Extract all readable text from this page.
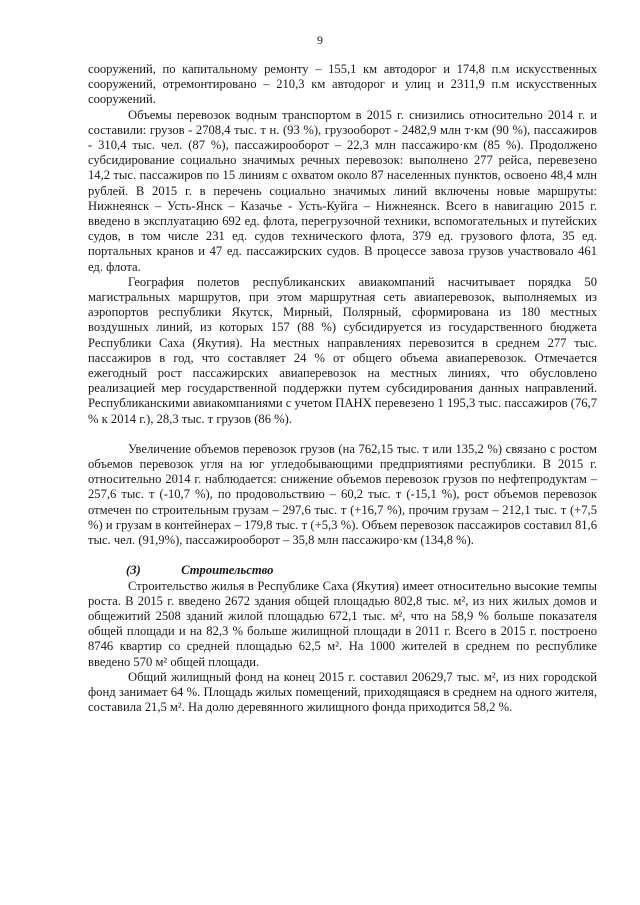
9

сооружений, по капитальному ремонту – 155,1 км автодорог и 174,8 п.м искусственных сооружений, отремонтировано – 210,3 км автодорог и улиц и 2311,9 п.м искусственных сооружений.

Объемы перевозок водным транспортом в 2015 г. снизились относительно 2014 г. и составили: грузов - 2708,4 тыс. т н. (93 %), грузооборот - 2482,9 млн т·км (90 %), пассажиров - 310,4 тыс. чел. (87 %), пассажирооборот – 22,3 млн пассажиро·км (85 %). Продолжено субсидирование социально значимых речных перевозок: выполнено 277 рейса, перевезено 14,2 тыс. пассажиров по 15 линиям с охватом около 87 населенных пунктов, освоено 48,4 млн рублей. В 2015 г. в перечень социально значимых линий включены новые маршруты: Нижнеянск – Усть-Янск – Казачье - Усть-Куйга – Нижнеянск. Всего в навигацию 2015 г. введено в эксплуатацию 692 ед. флота, перегрузочной техники, вспомогательных и путейских судов, в том числе 231 ед. судов технического флота, 379 ед. грузового флота, 35 ед. портальных кранов и 47 ед. пассажирских судов. В процессе завоза грузов участвовало 461 ед. флота.

География полетов республиканских авиакомпаний насчитывает порядка 50 магистральных маршрутов, при этом маршрутная сеть авиаперевозок, выполняемых из аэропортов республики Якутск, Мирный, Полярный, сформирована из 180 местных воздушных линий, из которых 157 (88 %) субсидируется из государственного бюджета Республики Саха (Якутия). На местных направлениях перевозится в среднем 277 тыс. пассажиров в год, что составляет 24 % от общего объема авиаперевозок. Отмечается ежегодный рост пассажирских авиаперевозок на местных линиях, что обусловлено реализацией мер государственной поддержки путем субсидирования данных направлений. Республиканскими авиакомпаниями с учетом ПАНХ перевезено 1 195,3 тыс. пассажиров (76,7 % к 2014 г.), 28,3 тыс. т грузов (86 %).

Увеличение объемов перевозок грузов (на 762,15 тыс. т или 135,2 %) связано с ростом объемов перевозок угля на юг угледобывающими предприятиями республики. В 2015 г. относительно 2014 г. наблюдается: снижение объемов перевозок грузов по нефтепродуктам – 257,6 тыс. т (-10,7 %), по продовольствию – 60,2 тыс. т (-15,1 %), рост объемов перевозок отмечен по строительным грузам – 297,6 тыс. т (+16,7 %), прочим грузам – 212,1 тыс. т (+7,5 %) и грузам в контейнерах – 179,8 тыс. т (+5,3 %). Объем перевозок пассажиров составил 81,6 тыс. чел. (91,9%), пассажирооборот – 35,8 млн пассажиро·км (134,8 %).

(3)	Строительство

Строительство жилья в Республике Саха (Якутия) имеет относительно высокие темпы роста. В 2015 г. введено 2672 здания общей площадью 802,8 тыс. м², из них жилых домов и общежитий 2508 зданий жилой площадью 672,1 тыс. м², что на 58,9 % больше показателя общей площади и на 82,3 % больше жилищной площади в 2011 г. Всего в 2015 г. построено 8746 квартир со средней площадью 62,5 м². На 1000 жителей в среднем по республике введено 570 м² общей площади.

Общий жилищный фонд на конец 2015 г. составил 20629,7 тыс. м², из них городской фонд занимает 64 %. Площадь жилых помещений, приходящаяся в среднем на одного жителя, составила 21,5 м². На долю деревянного жилищного фонда приходится 58,2 %.
